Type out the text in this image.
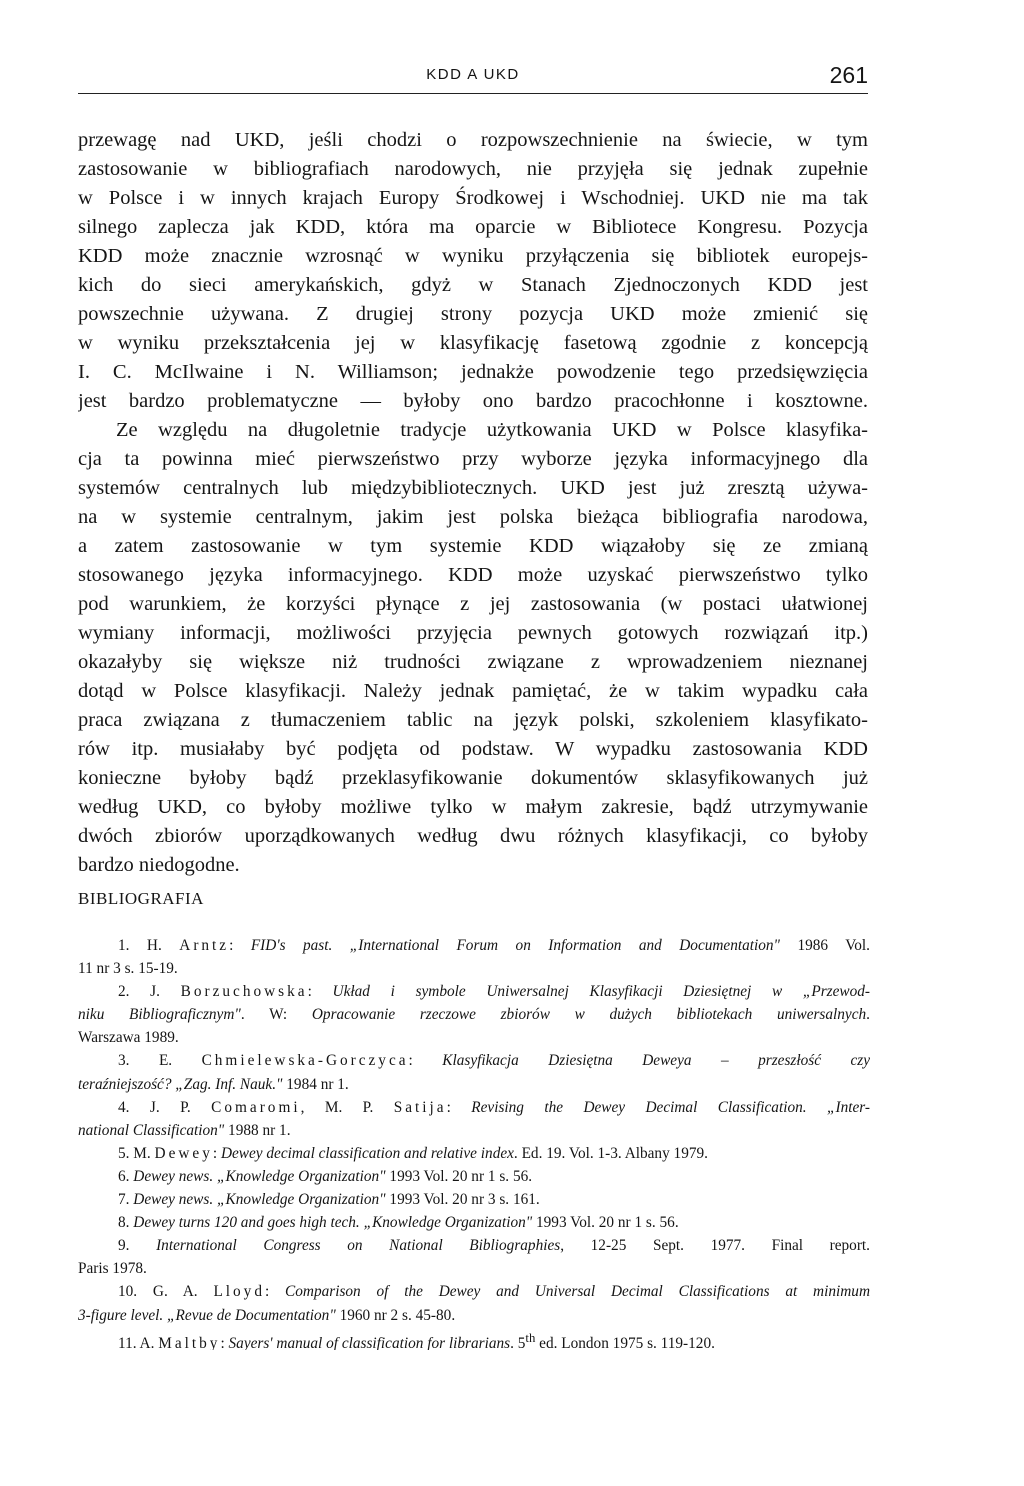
KDD A UKD	261
przewagę nad UKD, jeśli chodzi o rozpowszechnienie na świecie, w tym
zastosowanie w bibliografiach narodowych, nie przyjęła się jednak zupełnie
w Polsce i w innych krajach Europy Środkowej i Wschodniej. UKD nie ma tak
silnego zaplecza jak KDD, która ma oparcie w Bibliotece Kongresu. Pozycja
KDD może znacznie wzrosnąć w wyniku przyłączenia się bibliotek europejs-
kich do sieci amerykańskich, gdyż w Stanach Zjednoczonych KDD jest
powszechnie używana. Z drugiej strony pozycja UKD może zmienić się
w wyniku przekształcenia jej w klasyfikację fasetową zgodnie z koncepcją
I. C. McIlwaine i N. Williamson; jednakże powodzenie tego przedsięwzięcia
jest bardzo problematyczne — byłoby ono bardzo pracochłonne i kosztowne.
Ze względu na długoletnie tradycje użytkowania UKD w Polsce klasyfika-
cja ta powinna mieć pierwszeństwo przy wyborze języka informacyjnego dla
systemów centralnych lub międzybibliotecznych. UKD jest już zresztą używa-
na w systemie centralnym, jakim jest polska bieżąca bibliografia narodowa,
a zatem zastosowanie w tym systemie KDD wiązałoby się ze zmianą
stosowanego języka informacyjnego. KDD może uzyskać pierwszeństwo tylko
pod warunkiem, że korzyści płynące z jej zastosowania (w postaci ułatwionej
wymiany informacji, możliwości przyjęcia pewnych gotowych rozwiązań itp.)
okazałyby się większe niż trudności związane z wprowadzeniem nieznanej
dotąd w Polsce klasyfikacji. Należy jednak pamiętać, że w takim wypadku cała
praca związana z tłumaczeniem tablic na język polski, szkoleniem klasyfikato-
rów itp. musiałaby być podjęta od podstaw. W wypadku zastosowania KDD
konieczne byłoby bądź przeklasyfikowanie dokumentów sklasyfikowanych już
według UKD, co byłoby możliwe tylko w małym zakresie, bądź utrzymywanie
dwóch zbiorów uporządkowanych według dwu różnych klasyfikacji, co byłoby
bardzo niedogodne.
BIBLIOGRAFIA
1. H. Arntz: FID's past. „International Forum on Information and Documentation" 1986 Vol.
11 nr 3 s. 15-19.
2. J. Borzuchowska: Układ i symbole Uniwersalnej Klasyfikacji Dziesiętnej w „Przewod-
niku Bibliograficznym". W: Opracowanie rzeczowe zbiorów w dużych bibliotekach uniwersalnych.
Warszawa 1989.
3. E. Chmielewska-Gorczyca: Klasyfikacja Dziesiętna Deweya – przeszłość czy
teraźniejszość? „Zag. Inf. Nauk." 1984 nr 1.
4. J. P. Comaromi, M. P. Satija: Revising the Dewey Decimal Classification. „Inter-
national Classification" 1988 nr 1.
5. M. Dewey: Dewey decimal classification and relative index. Ed. 19. Vol. 1-3. Albany 1979.
6. Dewey news. „Knowledge Organization" 1993 Vol. 20 nr 1 s. 56.
7. Dewey news. „Knowledge Organization" 1993 Vol. 20 nr 3 s. 161.
8. Dewey turns 120 and goes high tech. „Knowledge Organization" 1993 Vol. 20 nr 1 s. 56.
9. International Congress on National Bibliographies, 12-25 Sept. 1977. Final report.
Paris 1978.
10. G. A. Lloyd: Comparison of the Dewey and Universal Decimal Classifications at minimum
3-figure level. „Revue de Documentation" 1960 nr 2 s. 45-80.
11. A. Maltby: Sayers' manual of classification for librarians. 5th ed. London 1975 s. 119-120.
